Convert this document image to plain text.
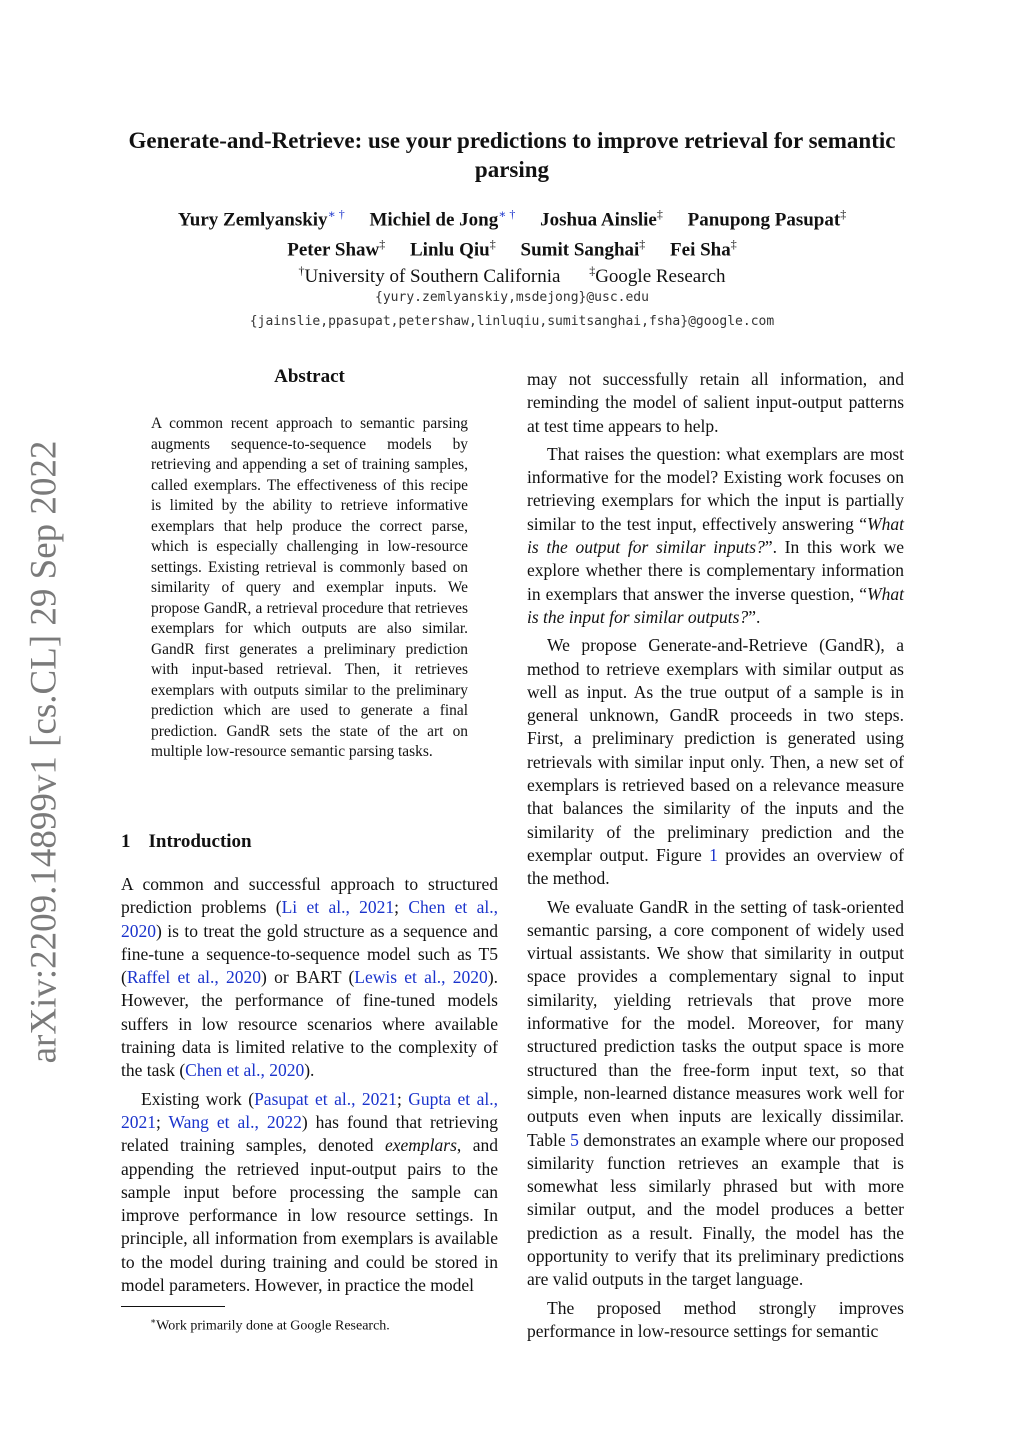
arXiv:2209.14899v1 [cs.CL] 29 Sep 2022
Generate-and-Retrieve: use your predictions to improve retrieval for semantic parsing
Yury Zemlyanskiy∗ † Michiel de Jong∗ † Joshua Ainslie‡ Panupong Pasupat‡
Peter Shaw‡ Linlu Qiu‡ Sumit Sanghai‡ Fei Sha‡
†University of Southern California ‡Google Research
{yury.zemlyanskiy,msdejong}@usc.edu
{jainslie,ppasupat,petershaw,linluqiu,sumitsanghai,fsha}@google.com
Abstract
A common recent approach to semantic parsing augments sequence-to-sequence models by retrieving and appending a set of training samples, called exemplars. The effectiveness of this recipe is limited by the ability to retrieve informative exemplars that help produce the correct parse, which is especially challenging in low-resource settings. Existing retrieval is commonly based on similarity of query and exemplar inputs. We propose GandR, a retrieval procedure that retrieves exemplars for which outputs are also similar. GandR first generates a preliminary prediction with input-based retrieval. Then, it retrieves exemplars with outputs similar to the preliminary prediction which are used to generate a final prediction. GandR sets the state of the art on multiple low-resource semantic parsing tasks.
1 Introduction

A common and successful approach to structured prediction problems (Li et al., 2021; Chen et al., 2020) is to treat the gold structure as a sequence and fine-tune a sequence-to-sequence model such as T5 (Raffel et al., 2020) or BART (Lewis et al., 2020). However, the performance of fine-tuned models suffers in low resource scenarios where available training data is limited relative to the complexity of the task (Chen et al., 2020).

Existing work (Pasupat et al., 2021; Gupta et al., 2021; Wang et al., 2022) has found that retrieving related training samples, denoted exemplars, and appending the retrieved input-output pairs to the sample input before processing the sample can improve performance in low resource settings. In principle, all information from exemplars is available to the model during training and could be stored in model parameters. However, in practice the model

∗Work primarily done at Google Research.

may not successfully retain all information, and reminding the model of salient input-output patterns at test time appears to help.

That raises the question: what exemplars are most informative for the model? Existing work focuses on retrieving exemplars for which the input is partially similar to the test input, effectively answering “What is the output for similar inputs?”. In this work we explore whether there is complementary information in exemplars that answer the inverse question, “What is the input for similar outputs?”.

We propose Generate-and-Retrieve (GandR), a method to retrieve exemplars with similar output as well as input. As the true output of a sample is in general unknown, GandR proceeds in two steps. First, a preliminary prediction is generated using retrievals with similar input only. Then, a new set of exemplars is retrieved based on a relevance measure that balances the similarity of the inputs and the similarity of the preliminary prediction and the exemplar output. Figure 1 provides an overview of the method.

We evaluate GandR in the setting of task-oriented semantic parsing, a core component of widely used virtual assistants. We show that similarity in output space provides a complementary signal to input similarity, yielding retrievals that prove more informative for the model. Moreover, for many structured prediction tasks the output space is more structured than the free-form input text, so that simple, non-learned distance measures work well for outputs even when inputs are lexically dissimilar. Table 5 demonstrates an example where our proposed similarity function retrieves an example that is somewhat less similarly phrased but with more similar output, and the model produces a better prediction as a result. Finally, the model has the opportunity to verify that its preliminary predictions are valid outputs in the target language.

The proposed method strongly improves performance in low-resource settings for semantic
